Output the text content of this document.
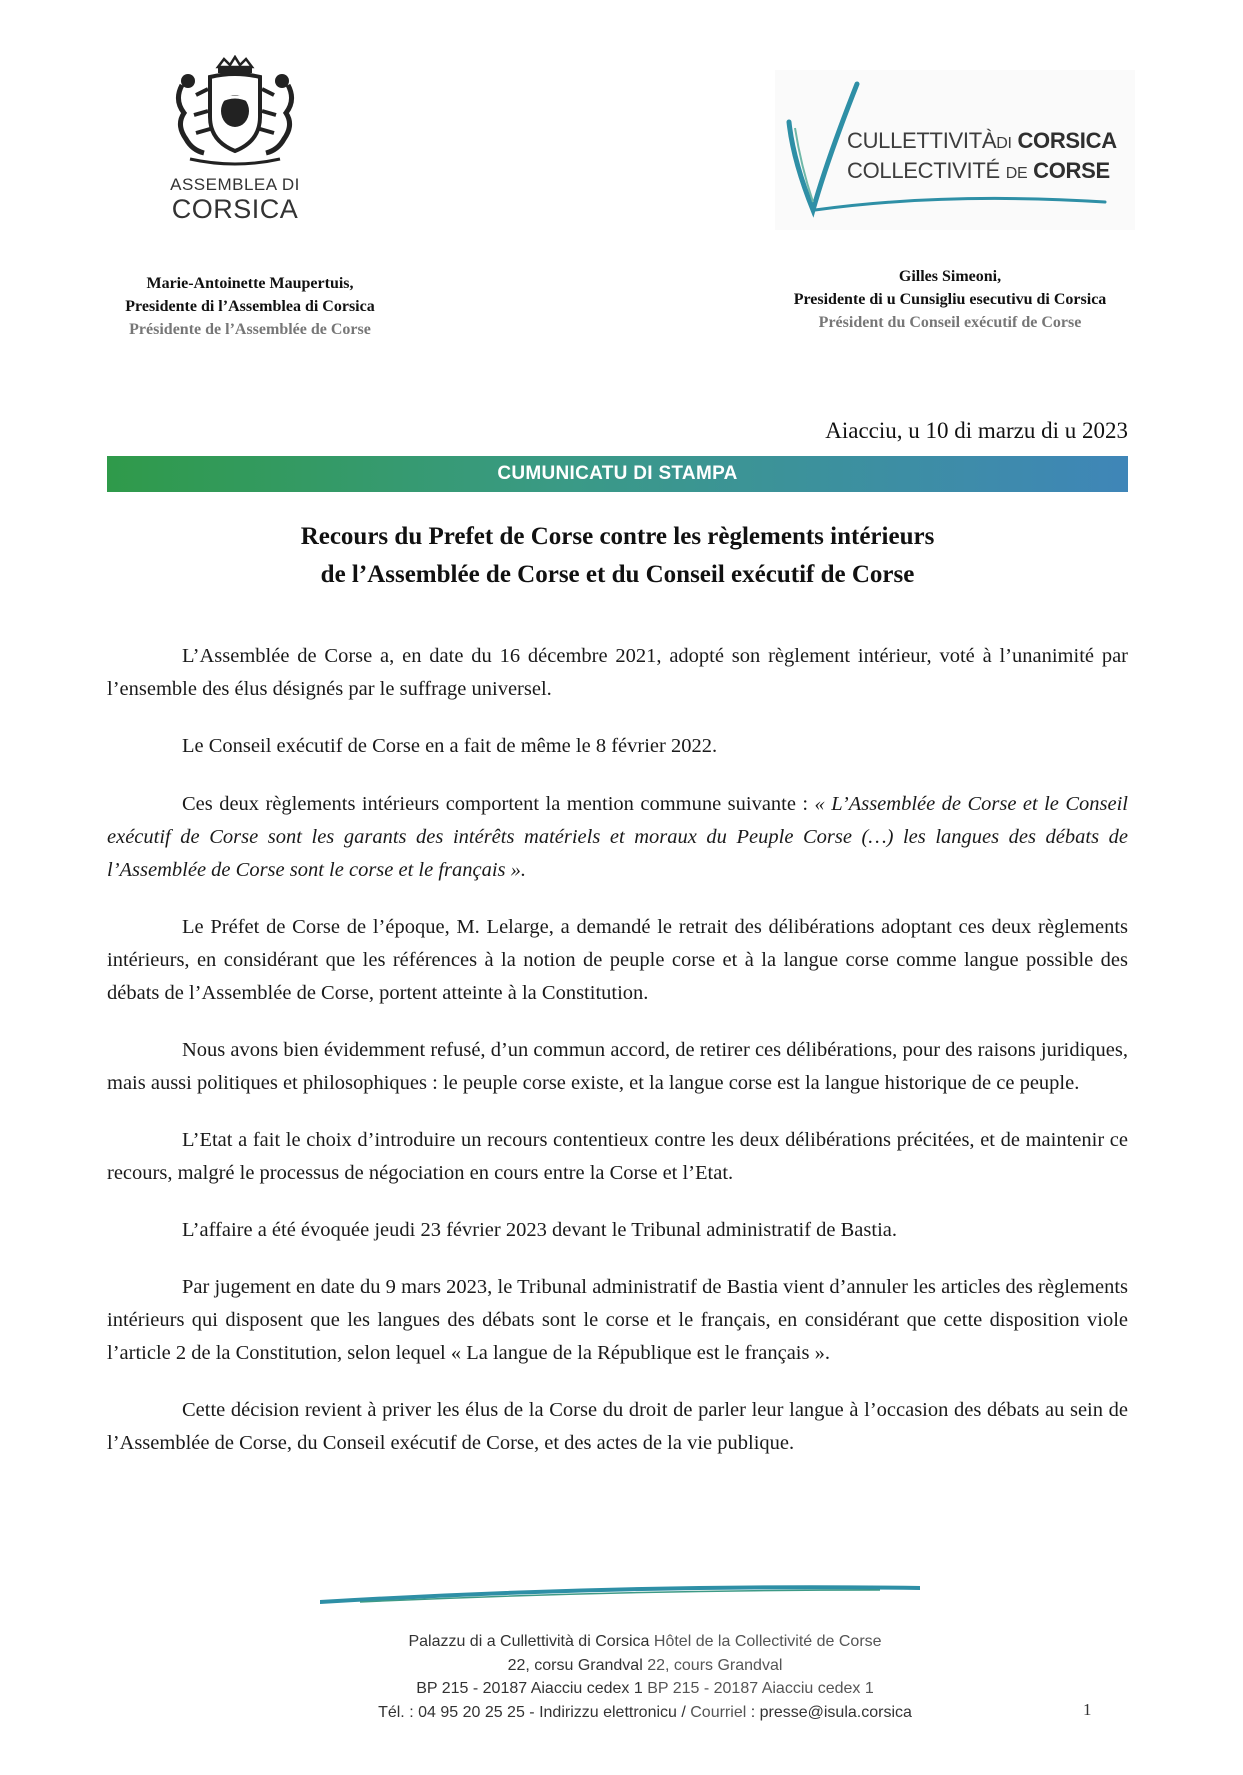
ASSEMBLEA DI
CORSICA
CULLETTIVITÀDI CORSICA
COLLECTIVITÉ DE CORSE
Marie-Antoinette Maupertuis,
Presidente di l’Assemblea di Corsica
Présidente de l’Assemblée de Corse
Gilles Simeoni,
Presidente di u Cunsigliu esecutivu di Corsica
Président du Conseil exécutif de Corse
Aiacciu, u 10 di marzu di u 2023
CUMUNICATU DI STAMPA
Recours du Prefet de Corse contre les règlements intérieurs
de l’Assemblée de Corse et du Conseil exécutif de Corse

L’Assemblée de Corse a, en date du 16 décembre 2021, adopté son règlement intérieur, voté à l’unanimité par l’ensemble des élus désignés par le suffrage universel.

Le Conseil exécutif de Corse en a fait de même le 8 février 2022.

Ces deux règlements intérieurs comportent la mention commune suivante : « L’Assemblée de Corse et le Conseil exécutif de Corse sont les garants des intérêts matériels et moraux du Peuple Corse (…) les langues des débats de l’Assemblée de Corse sont le corse et le français ».

Le Préfet de Corse de l’époque, M. Lelarge, a demandé le retrait des délibérations adoptant ces deux règlements intérieurs, en considérant que les références à la notion de peuple corse et à la langue corse comme langue possible des débats de l’Assemblée de Corse, portent atteinte à la Constitution.

Nous avons bien évidemment refusé, d’un commun accord, de retirer ces délibérations, pour des raisons juridiques, mais aussi politiques et philosophiques : le peuple corse existe, et la langue corse est la langue historique de ce peuple.

L’Etat a fait le choix d’introduire un recours contentieux contre les deux délibérations précitées, et de maintenir ce recours, malgré le processus de négociation en cours entre la Corse et l’Etat.

L’affaire a été évoquée jeudi 23 février 2023 devant le Tribunal administratif de Bastia.

Par jugement en date du 9 mars 2023, le Tribunal administratif de Bastia vient d’annuler les articles des règlements intérieurs qui disposent que les langues des débats sont le corse et le français, en considérant que cette disposition viole l’article 2 de la Constitution, selon lequel « La langue de la République est le français ».

Cette décision revient à priver les élus de la Corse du droit de parler leur langue à l’occasion des débats au sein de l’Assemblée de Corse, du Conseil exécutif de Corse, et des actes de la vie publique.

Palazzu di a Cullettività di Corsica Hôtel de la Collectivité de Corse
22, corsu Grandval 22, cours Grandval
BP 215 - 20187 Aiacciu cedex 1 BP 215 - 20187 Aiacciu cedex 1
Tél. : 04 95 20 25 25 - Indirizzu elettronicu / Courriel : presse@isula.corsica	1
